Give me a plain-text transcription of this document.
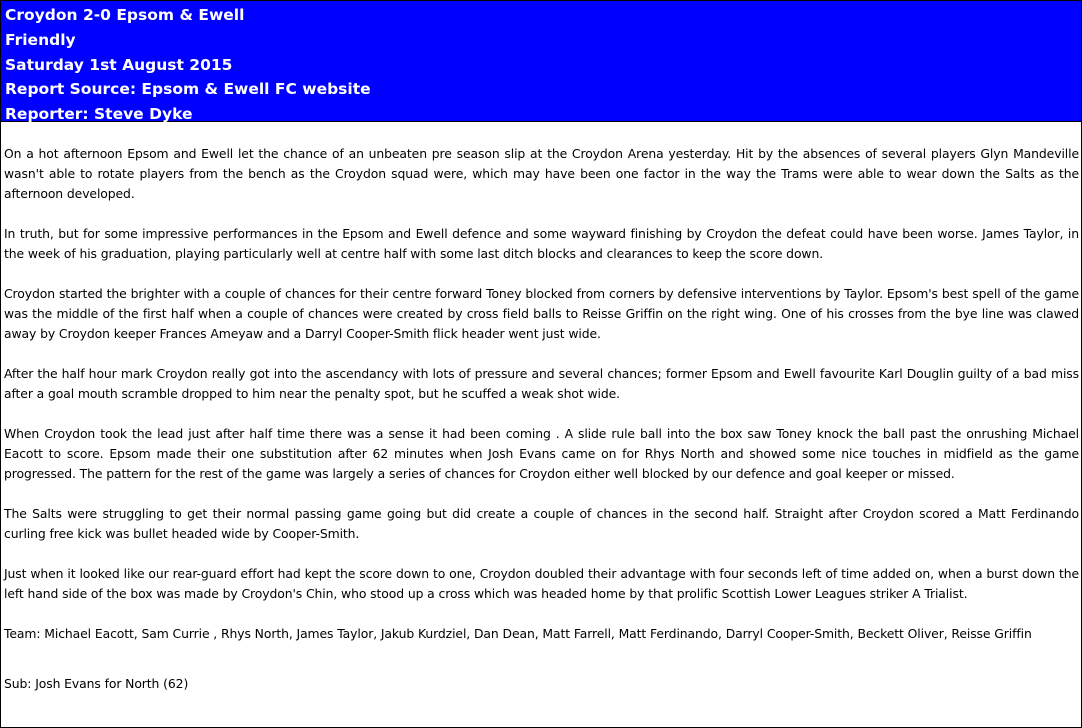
Croydon 2-0 Epsom & Ewell
Friendly
Saturday 1st August 2015
Report Source: Epsom & Ewell FC website
Reporter: Steve Dyke

On a hot afternoon Epsom and Ewell let the chance of an unbeaten pre season slip at the Croydon Arena yesterday. Hit by the absences of several players Glyn Mandeville wasn't able to rotate players from the bench as the Croydon squad were, which may have been one factor in the way the Trams were able to wear down the Salts as the afternoon developed.

In truth, but for some impressive performances in the Epsom and Ewell defence and some wayward finishing by Croydon the defeat could have been worse. James Taylor, in the week of his graduation, playing particularly well at centre half with some last ditch blocks and clearances to keep the score down.

Croydon started the brighter with a couple of chances for their centre forward Toney blocked from corners by defensive interventions by Taylor. Epsom's best spell of the game was the middle of the first half when a couple of chances were created by cross field balls to Reisse Griffin on the right wing. One of his crosses from the bye line was clawed away by Croydon keeper Frances Ameyaw and a Darryl Cooper-Smith flick header went just wide.

After the half hour mark Croydon really got into the ascendancy with lots of pressure and several chances; former Epsom and Ewell favourite Karl Douglin guilty of a bad miss after a goal mouth scramble dropped to him near the penalty spot, but he scuffed a weak shot wide.

When Croydon took the lead just after half time there was a sense it had been coming . A slide rule ball into the box saw Toney knock the ball past the onrushing Michael Eacott to score. Epsom made their one substitution after 62 minutes when Josh Evans came on for Rhys North and showed some nice touches in midfield as the game progressed. The pattern for the rest of the game was largely a series of chances for Croydon either well blocked by our defence and goal keeper or missed.

The Salts were struggling to get their normal passing game going but did create a couple of chances in the second half. Straight after Croydon scored a Matt Ferdinando curling free kick was bullet headed wide by Cooper-Smith.

Just when it looked like our rear-guard effort had kept the score down to one, Croydon doubled their advantage with four seconds left of time added on, when a burst down the left hand side of the box was made by Croydon's Chin, who stood up a cross which was headed home by that prolific Scottish Lower Leagues striker A Trialist.

Team: Michael Eacott, Sam Currie , Rhys North, James Taylor, Jakub Kurdziel, Dan Dean, Matt Farrell, Matt Ferdinando, Darryl Cooper-Smith, Beckett Oliver, Reisse Griffin

Sub: Josh Evans for North (62)
